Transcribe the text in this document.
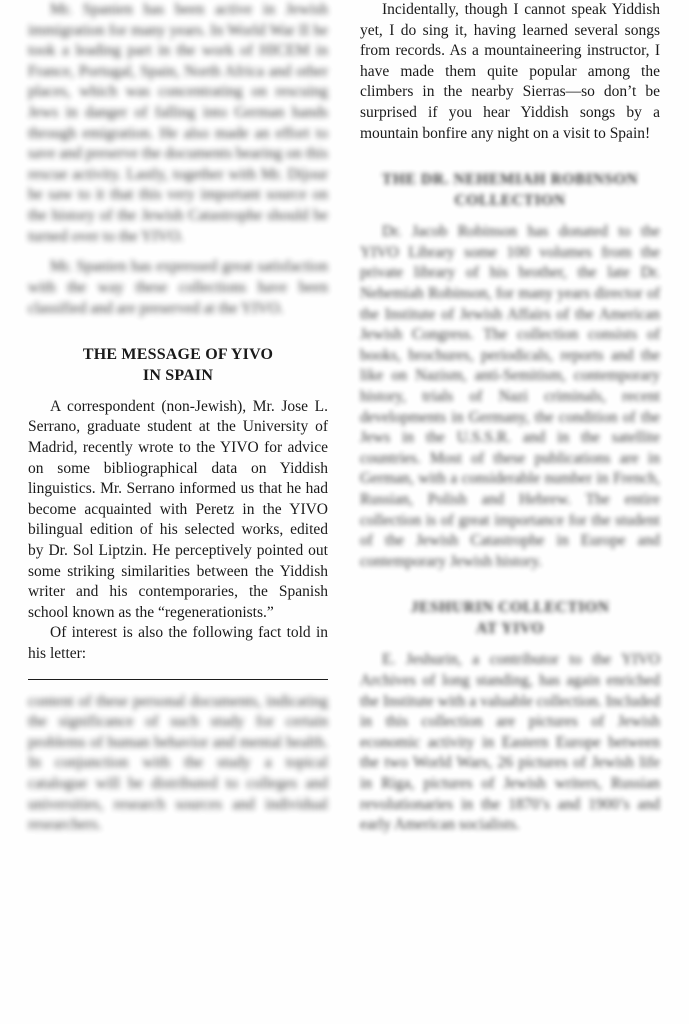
Mr. Spanien has been active in Jewish immigration for many years. In World War II he took a leading part in the work of HICEM in France, Portugal, Spain, North Africa and other places, which was concentrating on rescuing Jews in danger of falling into German hands through emigration. He also made an effort to save and preserve the documents bearing on this rescue activity. Lastly, together with Mr. Dijour he saw to it that this very important source on the history of the Jewish Catastrophe should be turned over to the YIVO.

Mr. Spanien has expressed great satisfaction with the way these collections have been classified and are preserved at the YIVO.

THE MESSAGE OF YIVO
IN SPAIN

A correspondent (non-Jewish), Mr. Jose L. Serrano, graduate student at the University of Madrid, recently wrote to the YIVO for advice on some bibliographical data on Yiddish linguistics. Mr. Serrano informed us that he had become acquainted with Peretz in the YIVO bilingual edition of his selected works, edited by Dr. Sol Liptzin. He perceptively pointed out some striking similarities between the Yiddish writer and his contemporaries, the Spanish school known as the “regenerationists.”

Of interest is also the following fact told in his letter:

content of these personal documents, indicating the significance of such study for certain problems of human behavior and mental health. In conjunction with the study a topical catalogue will be distributed to colleges and universities, research sources and individual researchers.

Incidentally, though I cannot speak Yiddish yet, I do sing it, having learned several songs from records. As a mountaineering instructor, I have made them quite popular among the climbers in the nearby Sierras—so don’t be surprised if you hear Yiddish songs by a mountain bonfire any night on a visit to Spain!

THE DR. NEHEMIAH ROBINSON
COLLECTION

Dr. Jacob Robinson has donated to the YIVO Library some 100 volumes from the private library of his brother, the late Dr. Nehemiah Robinson, for many years director of the Institute of Jewish Affairs of the American Jewish Congress. The collection consists of books, brochures, periodicals, reports and the like on Nazism, anti-Semitism, contemporary history, trials of Nazi criminals, recent developments in Germany, the condition of the Jews in the U.S.S.R. and in the satellite countries. Most of these publications are in German, with a considerable number in French, Russian, Polish and Hebrew. The entire collection is of great importance for the student of the Jewish Catastrophe in Europe and contemporary Jewish history.

JESHURIN COLLECTION
AT YIVO

E. Jeshurin, a contributor to the YIVO Archives of long standing, has again enriched the Institute with a valuable collection. Included in this collection are pictures of Jewish economic activity in Eastern Europe between the two World Wars, 26 pictures of Jewish life in Riga, pictures of Jewish writers, Russian revolutionaries in the 1870’s and 1900’s and early American socialists.
